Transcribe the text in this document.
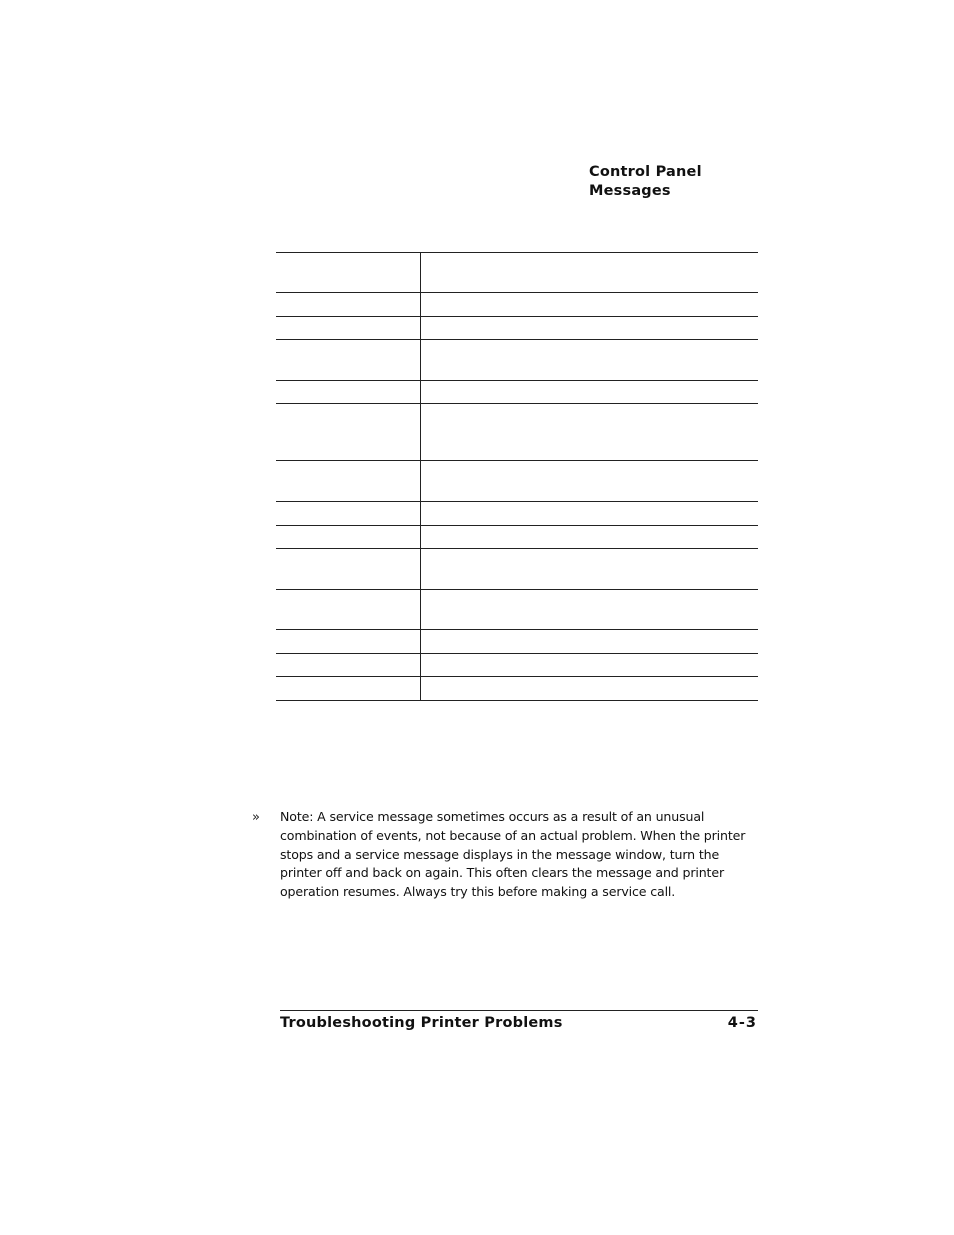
Control Panel
Messages
»	Note: A service message sometimes occurs as a result of an unusual combination of events, not because of an actual problem. When the printer stops and a service message displays in the message window, turn the printer off and back on again. This often clears the message and printer operation resumes. Always try this before making a service call.
Troubleshooting Printer Problems	4-3
